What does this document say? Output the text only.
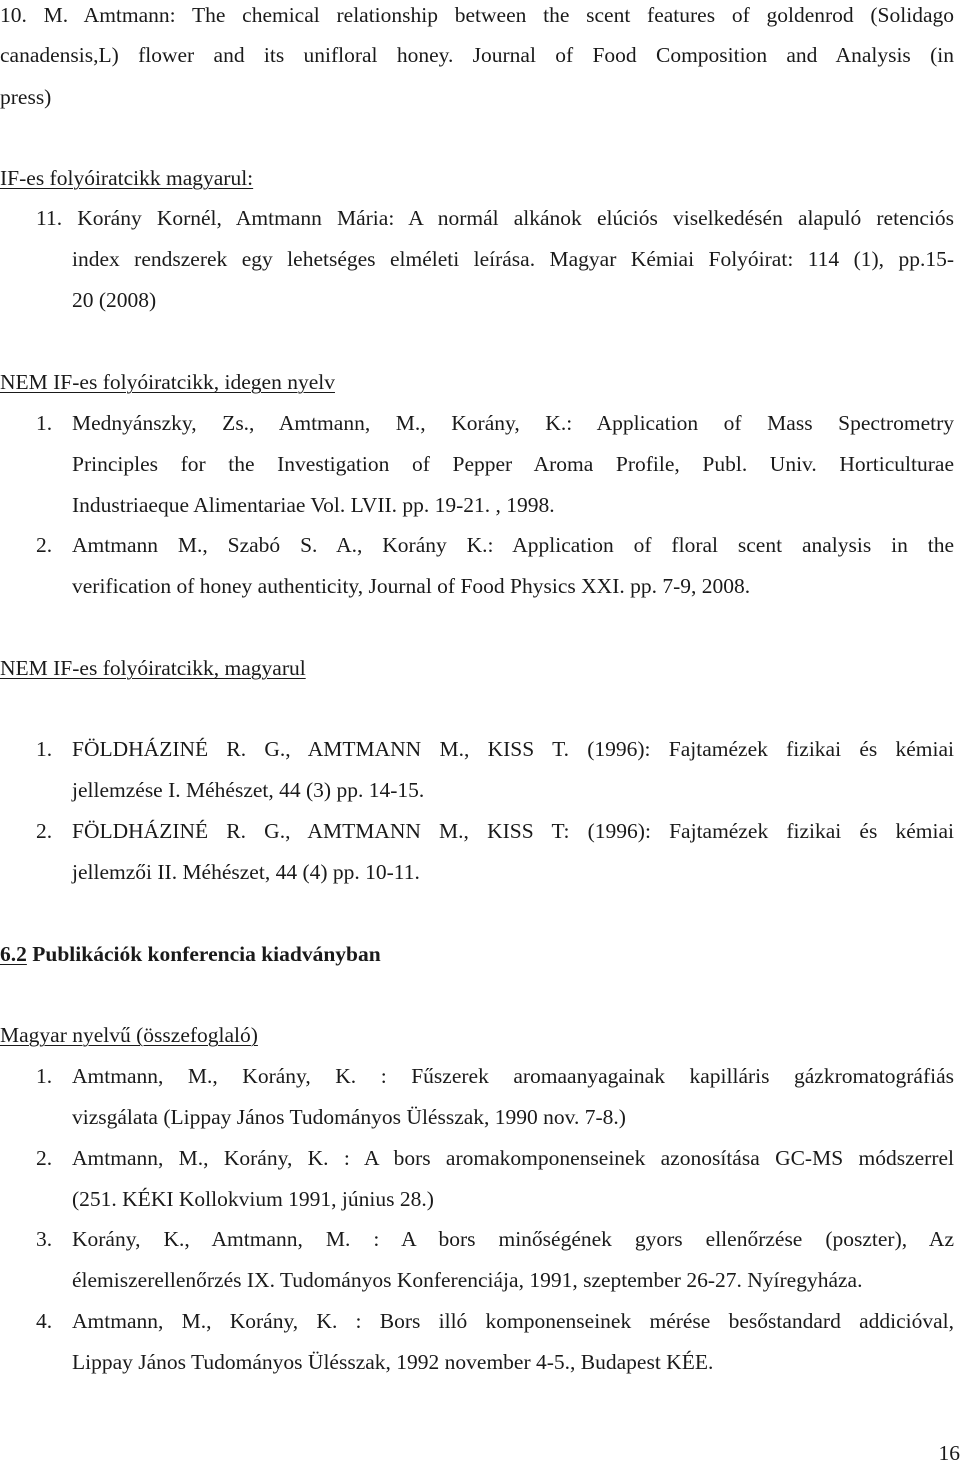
10. M. Amtmann: The chemical relationship between the scent features of goldenrod (Solidago
canadensis,L) flower and its unifloral honey. Journal of Food Composition and Analysis (in
press)
IF-es folyóiratcikk magyarul:
11. Korány Kornél, Amtmann Mária: A normál alkánok elúciós viselkedésén alapuló retenciós
index rendszerek egy lehetséges elméleti leírása. Magyar Kémiai Folyóirat: 114 (1), pp.15-
20 (2008)
NEM IF-es folyóiratcikk, idegen nyelv
1. Mednyánszky, Zs., Amtmann, M., Korány, K.: Application of Mass Spectrometry
Principles for the Investigation of Pepper Aroma Profile, Publ. Univ. Horticulturae
Industriaeque Alimentariae Vol. LVII. pp. 19-21. , 1998.
2. Amtmann M., Szabó S. A., Korány K.: Application of floral scent analysis in the
verification of honey authenticity, Journal of Food Physics XXI. pp. 7-9, 2008.
NEM IF-es folyóiratcikk, magyarul
1. FÖLDHÁZINÉ R. G., AMTMANN M., KISS T. (1996): Fajtamézek fizikai és kémiai
jellemzése I. Méhészet, 44 (3) pp. 14-15.
2. FÖLDHÁZINÉ R. G., AMTMANN M., KISS T: (1996): Fajtamézek fizikai és kémiai
jellemzői II. Méhészet, 44 (4) pp. 10-11.
6.2 Publikációk konferencia kiadványban
Magyar nyelvű (összefoglaló)
1. Amtmann, M., Korány, K. : Fűszerek aromaanyagainak kapilláris gázkromatográfiás
vizsgálata (Lippay János Tudományos Ülésszak, 1990 nov. 7-8.)
2. Amtmann, M., Korány, K. : A bors aromakomponenseinek azonosítása GC-MS módszerrel
(251. KÉKI Kollokvium 1991, június 28.)
3. Korány, K., Amtmann, M. : A bors minőségének gyors ellenőrzése (poszter), Az
élemiszerellenőrzés IX. Tudományos Konferenciája, 1991, szeptember 26-27. Nyíregyháza.
4. Amtmann, M., Korány, K. : Bors illó komponenseinek mérése besőstandard addicióval,
Lippay János Tudományos Ülésszak, 1992 november 4-5., Budapest KÉE.
16
